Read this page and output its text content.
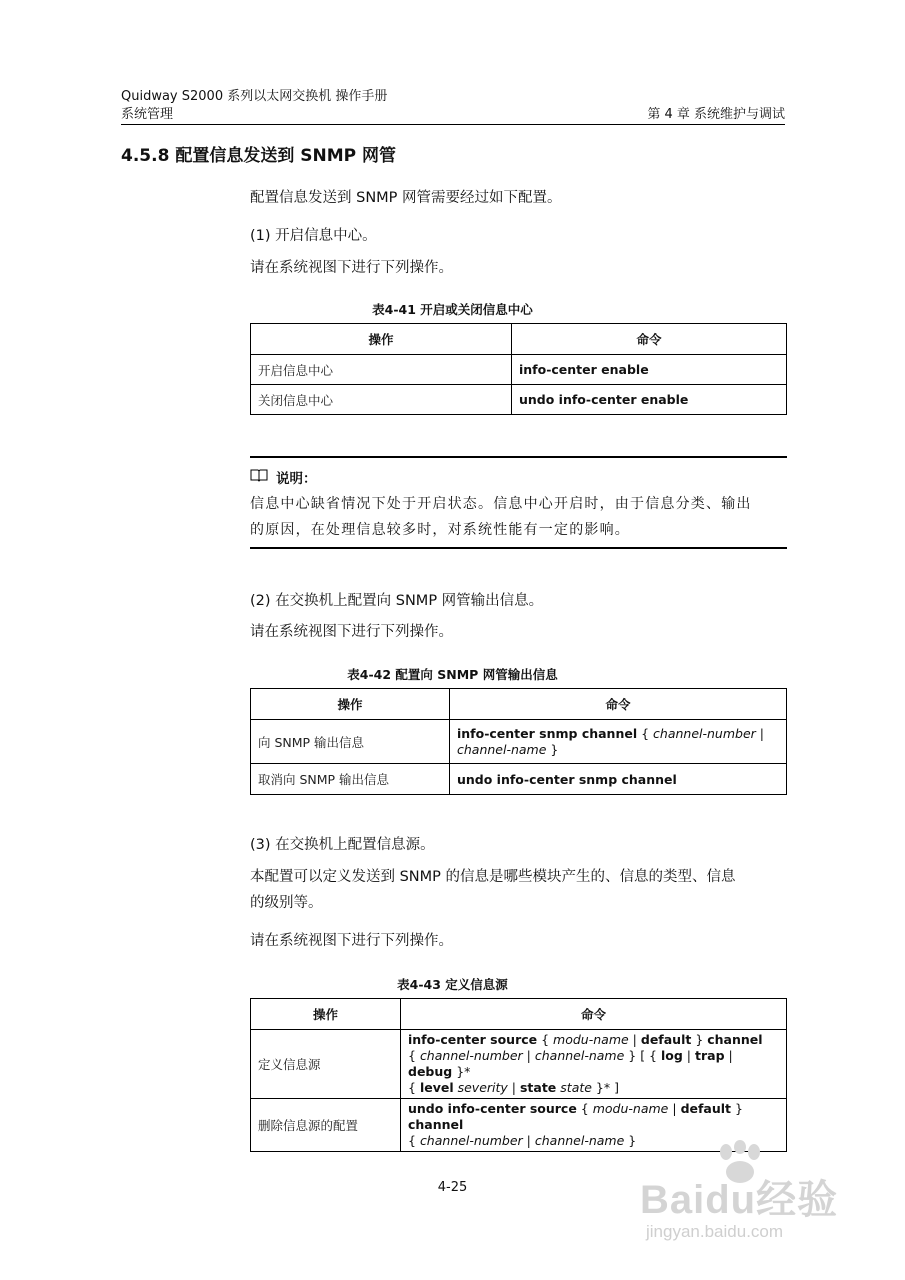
Quidway S2000 系列以太网交换机 操作手册
系统管理	第 4 章 系统维护与调试
4.5.8 配置信息发送到 SNMP 网管
配置信息发送到 SNMP 网管需要经过如下配置。
(1) 开启信息中心。
请在系统视图下进行下列操作。
表4-41 开启或关闭信息中心
操作	命令
开启信息中心	info-center enable
关闭信息中心	undo info-center enable
说明：
信息中心缺省情况下处于开启状态。信息中心开启时，由于信息分类、输出
的原因，在处理信息较多时，对系统性能有一定的影响。
(2) 在交换机上配置向 SNMP 网管输出信息。
请在系统视图下进行下列操作。
表4-42 配置向 SNMP 网管输出信息
操作	命令
向 SNMP 输出信息	info-center snmp channel { channel-number |
channel-name }
取消向 SNMP 输出信息	undo info-center snmp channel
(3) 在交换机上配置信息源。
本配置可以定义发送到 SNMP 的信息是哪些模块产生的、信息的类型、信息
的级别等。
请在系统视图下进行下列操作。
表4-43 定义信息源
操作	命令
定义信息源	info-center source { modu-name | default } channel
{ channel-number | channel-name } [ { log | trap | debug }*
{ level severity | state state }* ]
删除信息源的配置	undo info-center source { modu-name | default } channel
{ channel-number | channel-name }
4-25	Baidu经验
jingyan.baidu.com
